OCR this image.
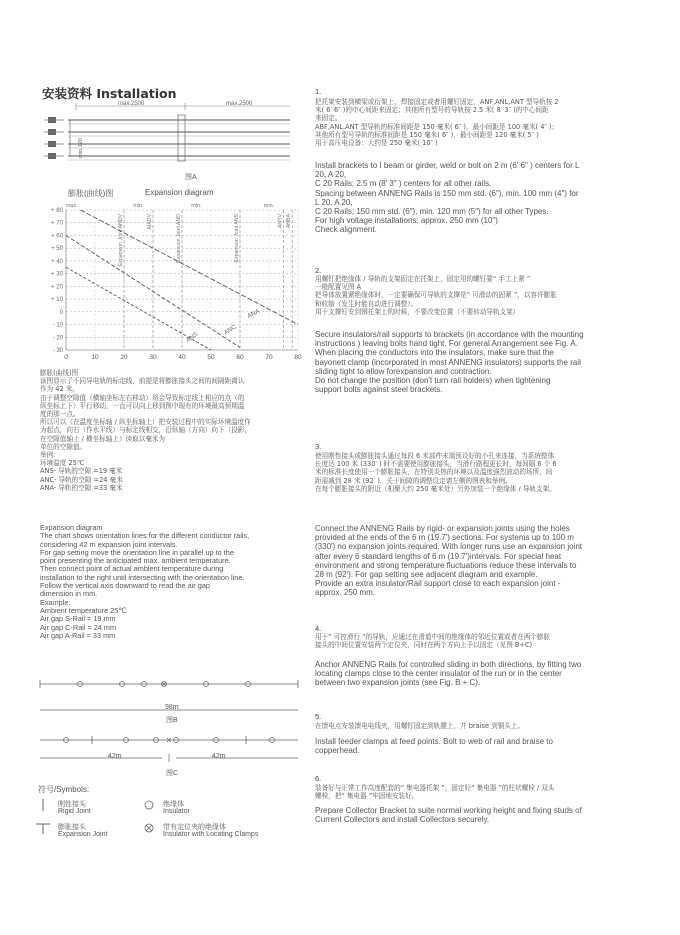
安装资料 Installation
max.2500	max.2500
min.120
图A
膨胀(曲线)图	Expansion diagram
+ 80
+ 70
+ 60
+ 50
+ 40
+ 30
+ 20
+ 10
0
- 10
- 20
- 30
0	10	20	30	40	50	60	70	80
max.	min.	min.	min.
Expansion Joint ANDV	AIADV	Expansion Joint AND	Expansion Joint ANS	ANSV ANBA
ANA
ANC
ANS
膨胀(曲线)图
该图显示了不同导电轨的标定线，前提是将膨胀接头之间的间隔距离认
作为 42 米。
由于调整空隙值（横轴坐标左右移动）将会导致标定线上相应的点（的
纵坐标上下）平行移动，一直可以向上移到图中现有的环境最高预期温
度的那一点。
所以可以（在温度坐标轴 / 纵坐标轴上）把安装过程中的实际环境温度作
为起点，向右（作水平线）与标定线相交，沿纵轴（方向）向下（投影，
在空隙值轴上 / 横坐标轴上）读取以毫米为
单位的空隙值。
举例：
环境温度 25℃
ANS- 导轨的空隙 =19 毫米
ANC- 导轨的空隙 =24 毫米
ANA- 导轨的空隙 =33 毫米
Expansion diagram
The chart shows orientation lines for the different conductor rails,
considering 42 m expansion joint intervals.
For gap setting move the orientation line in parallel up to the
point presenting the anticipated max. ambient temperature.
Then connect point of actual ambient temperature during
installation to the right until intersecting with the orientation line.
Follow the vertical axis downward to read the air gap
dimension in mm.
Example:
Ambient temperature 25℃
Air gap S-Rail = 19 mm
Air gap C-Rail = 24 mm
Air gap A-Rail = 33 mm
98m
图B
42m	42m
图C
符号/Symbols:
刚性接头
Rigid Joint
膨胀接头
Expansion Joint
绝缘体
Insulator
带有定位夹的绝缘体
Insulator with Locating Clamps
1.
把托架安装到横梁或衍架上，焊接固定或者用螺钉固定，ANF,ANL,ANT 型导轨按 2
米( 6′ 6″ )的中心间距来固定；其他所有型号的导轨按 2.5 米( 8′ 3″ )的中心间距
来固定。
ABF,ANL,ANT 型导轨的标准间距是 150 毫米( 6″ )，最小间距是 100 毫米( 4″ )；
其他所有型号导轨的标准间距是 150 毫米( 6″ )，最小间距是 120 毫米( 5″ )
用于高压电设备：大约是 250 毫米( 10″ )
Install brackets to I beam or girder, weld or bolt on 2 m (6′ 6″ ) centers for L
20, A 20,
C 20 Rails; 2.5 m (8′ 3″ ) centers for all other rails.
Spacing between ANNENG Rails is 150 mm std. (6″), min. 100 mm (4″) for
L 20, A 20,
C 20 Rails; 150 mm std. (6″), min. 120 mm (5″) for all other Types.
For high voltage installations: approx. 250 mm (10″)
Check alignment.
2.
用螺钉把绝缘体 / 导轨的支架固定在托架上，固定用的螺钉要“ 手工上紧 ”
一般配置见图 A
把导体放置紧绝缘体时，一定要确保可导轨的支撑是“ 可滑动的固紧 ”，以容许膨胀
和收缩（发生时能自动进行调整）。
用于支撑钉安到钢托架上的时候，不要改变位置（不要转动导轨支架）
Secure insulators/rail supports to brackets (in accordance with the mounting
instructions ) leaving bolts hand tight. For general Arrangement see Fig. A.
When placing the conductors into the insulators, make sure that the
bayonett clamp (incorporated in most ANNENG insulators) supports the rail
sliding tight to allow forexpansion and contraction.
Do not change the position (don't turn rail holders) when tightening
support bolts against steel brackets.
3.
使用刚性接头或膨胀接头通过每段 6 米部件末端预设好的小孔来连接，当系统整体
长度达 100 米 (330′ ) 时不需要使用膨胀接头，当滑行路程更长时，每间隔 6 个 6
米的标准长度使用一个膨胀接头，在特别炎热的环境以及温度强烈波动的场所，间
距需减到 28 米 (92′ )，关于间隙的调整设定请左侧的图表和举例。
在每个膨胀接头的附近（相聚大约 250 毫米处）另外加装一个绝缘体 / 导轨支架。
Connect the ANNENG Rails by rigid- or expansion joints using the holes
provided at the ends of the 6 m (19.7′) sections. For systems up to 100 m
(330′) no expansion joints required. With longer runs use an expansion joint
after every 6 standard lengths of 6 m (19.7′)intervals. For special heat
environment and strong temperature fluctuations reduce these intervals to
28 m (92′). For gap setting see adjacent diagram and example.
Provide an extra insulator/Rail support close to each expansion joint -
approx. 250 mm.
4.
用于“ 可控滑行 ”的导轨，应通过在滑道中间的绝缘体的邻近位置或者在两个膨胀
接头的中间位置安装两个定位夹，同时在两个方向上予以固定（见图 B+C)
Anchor ANNENG Rails for controlled sliding in both directions, by fitting two
locating clamps close to the center insulator of the run or in the center
between two expansion joints (see Fig. B + C).
5.
在馈电点安装馈电电线夹，用螺钉固定到轨腰上，并 braise 到铜头上。
Install feeder clamps at feed points. Bolt to web of rail and braise to
copperhead.
6.
装备好与正常工作高度配套的“ 集电器托架 ”，固定好“ 集电器 ”的柱状螺栓 / 双头
螺栓，把“ 集电器 ”牢固地安装好。
Prepare Collector Bracket to suite normal working height and fixing studs of
Current Collectors and install Collectors securely.
